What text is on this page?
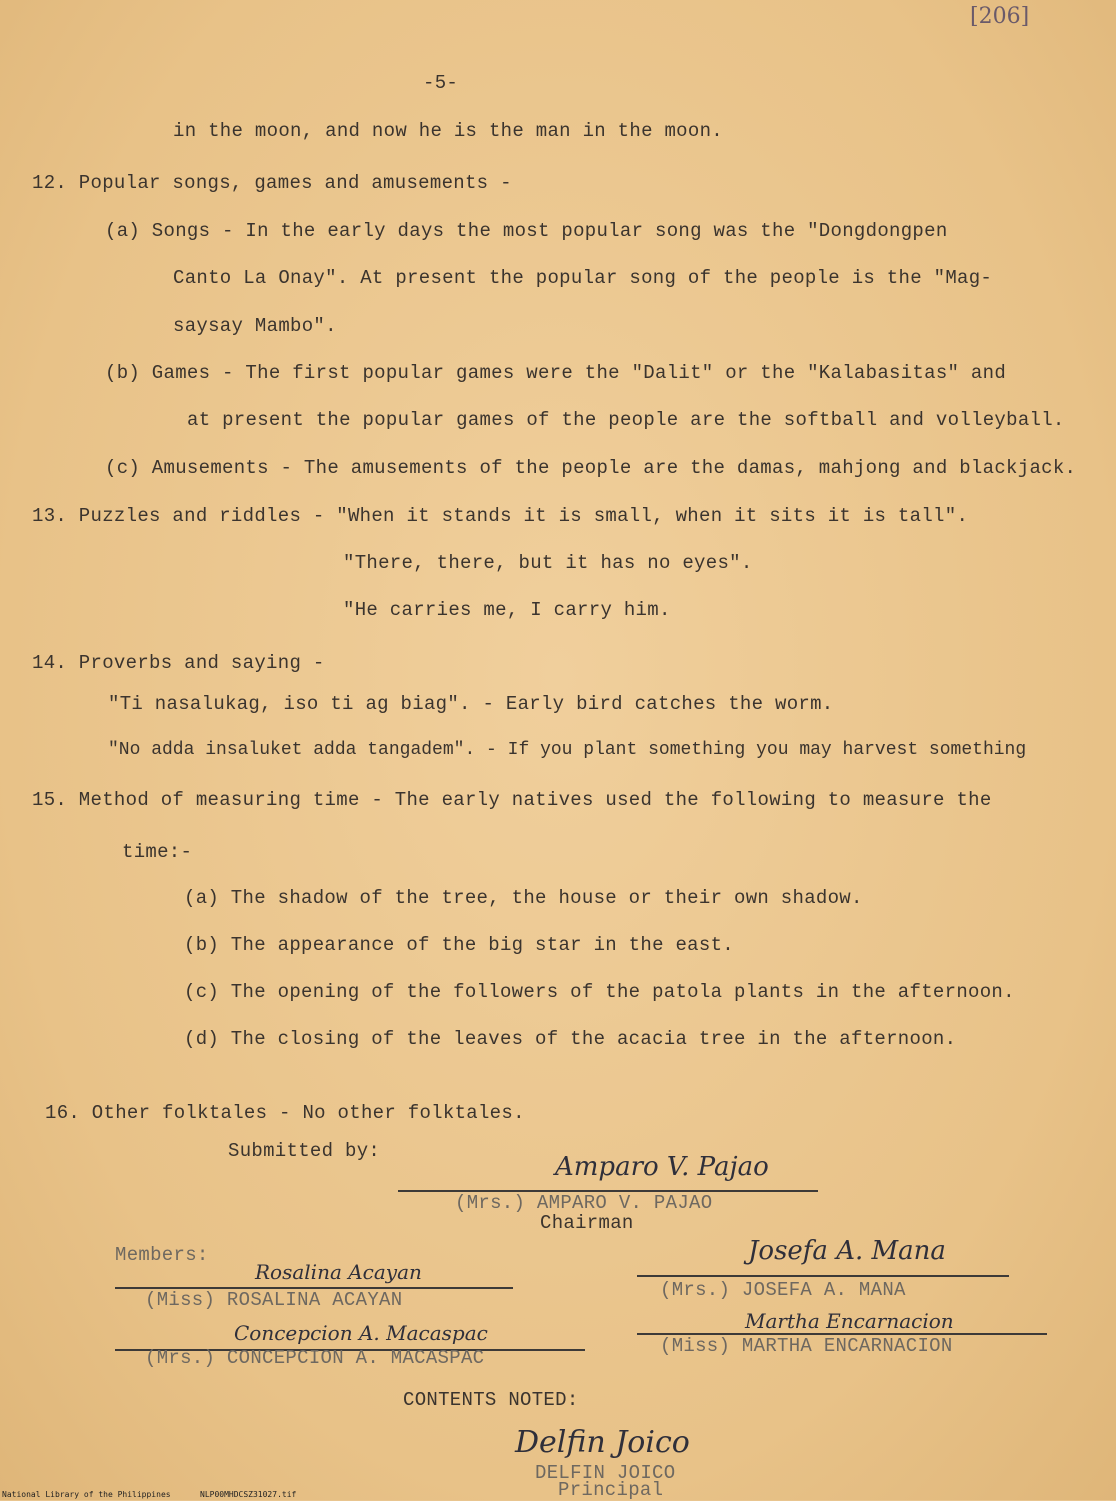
[206]
-5-
in the moon, and now he is the man in the moon.
12. Popular songs, games and amusements -
(a) Songs - In the early days the most popular song was the "Dongdongpen
Canto La Onay". At present the popular song of the people is the "Mag-
saysay Mambo".
(b) Games - The first popular games were the "Dalit" or the "Kalabasitas" and
at present the popular games of the people are the softball and volleyball.
(c) Amusements - The amusements of the people are the damas, mahjong and blackjack.
13. Puzzles and riddles - "When it stands it is small, when it sits it is tall".
"There, there, but it has no eyes".
"He carries me, I carry him.
14. Proverbs and saying -
"Ti nasalukag, iso ti ag biag". - Early bird catches the worm.
"No adda insaluket adda tangadem". - If you plant something you may harvest something
15. Method of measuring time - The early natives used the following to measure the
time:-
(a) The shadow of the tree, the house or their own shadow.
(b) The appearance of the big star in the east.
(c) The opening of the followers of the patola plants in the afternoon.
(d) The closing of the leaves of the acacia tree in the afternoon.
16. Other folktales - No other folktales.
Submitted by:
Amparo V. Pajao
(Mrs.) AMPARO V. PAJAO
Chairman
Members:
Rosalina Acayan
(Miss) ROSALINA ACAYAN
Josefa A. Mana
(Mrs.) JOSEFA A. MANA
Concepcion A. Macaspac
(Mrs.) CONCEPCION A. MACASPAC
Martha Encarnacion
(Miss) MARTHA ENCARNACION
CONTENTS NOTED:
Delfin Joico
DELFIN JOICO
Principal
National Library of the Philippines	NLP00MHDCSZ31027.tif
